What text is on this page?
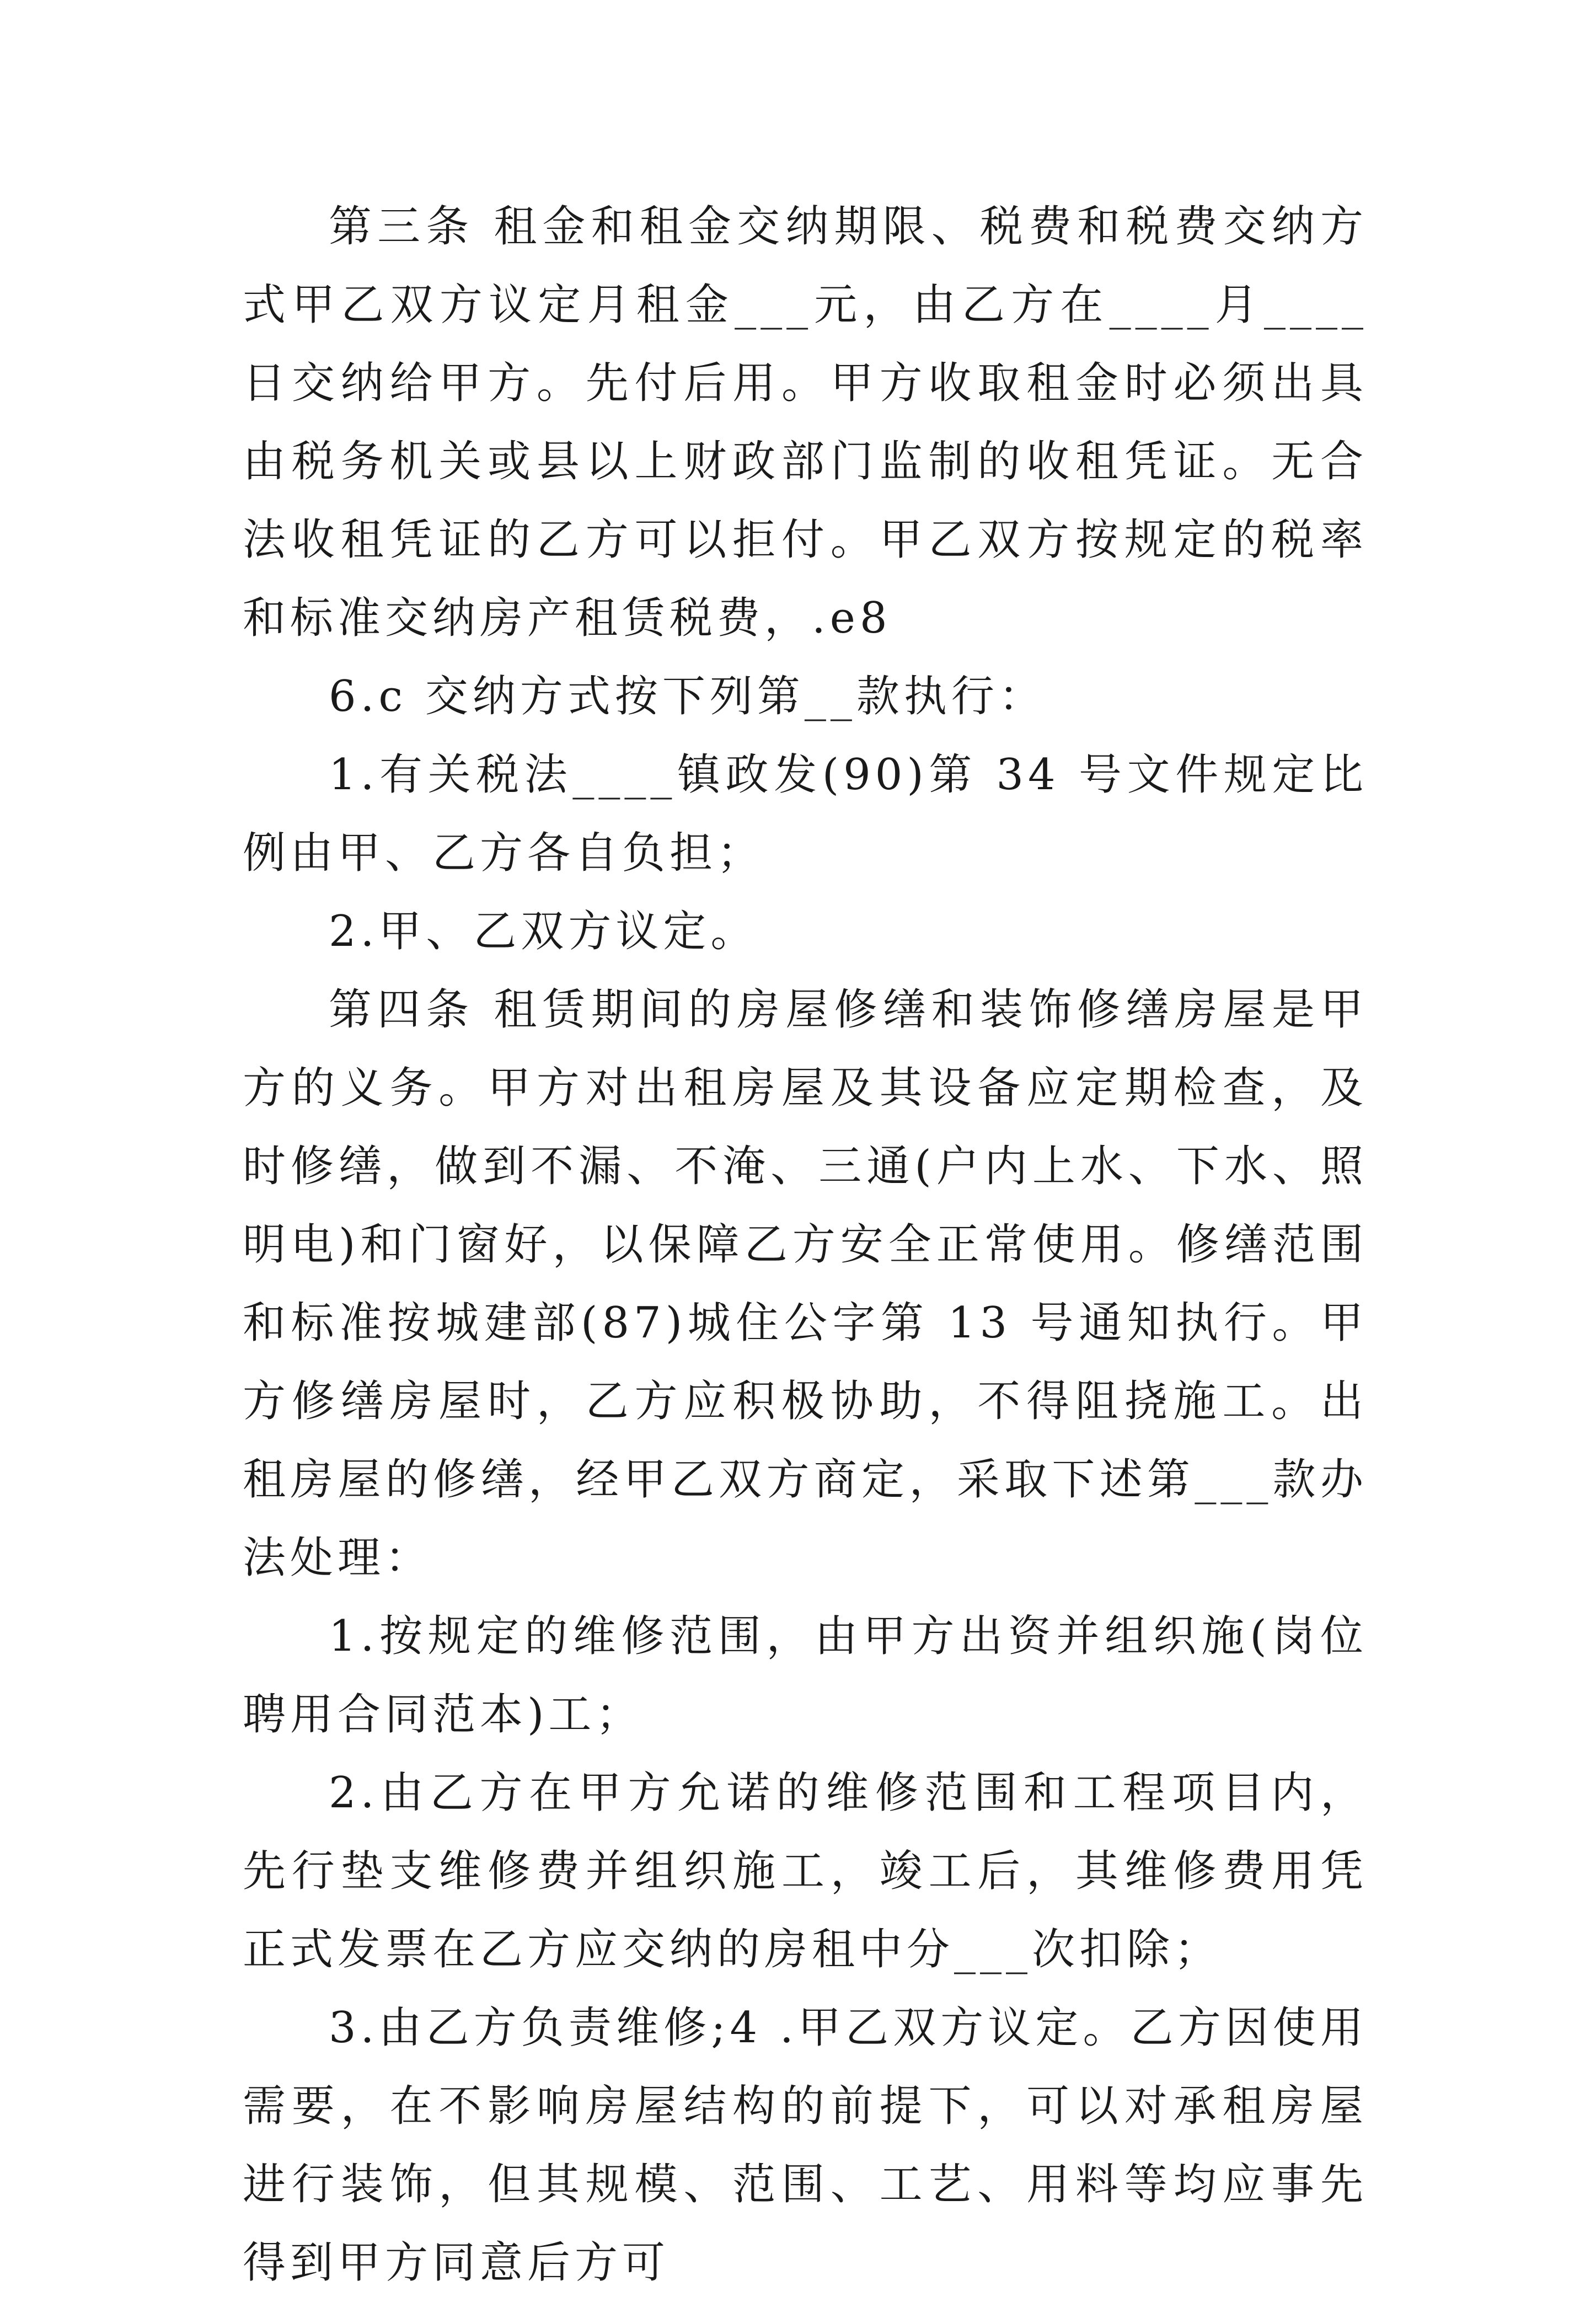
第三条 租金和租金交纳期限、税费和税费交纳方式甲乙双方议定月租金___元，由乙方在____月____日交纳给甲方。先付后用。甲方收取租金时必须出具由税务机关或县以上财政部门监制的收租凭证。无合法收租凭证的乙方可以拒付。甲乙双方按规定的税率和标准交纳房产租赁税费，.e8

6.c 交纳方式按下列第__款执行：

1.有关税法____镇政发(90)第 34 号文件规定比例由甲、乙方各自负担；

2.甲、乙双方议定。

第四条 租赁期间的房屋修缮和装饰修缮房屋是甲方的义务。甲方对出租房屋及其设备应定期检查，及时修缮，做到不漏、不淹、三通(户内上水、下水、照明电)和门窗好，以保障乙方安全正常使用。修缮范围和标准按城建部(87)城住公字第 13 号通知执行。甲方修缮房屋时，乙方应积极协助，不得阻挠施工。出租房屋的修缮，经甲乙双方商定，采取下述第___款办法处理：

1.按规定的维修范围，由甲方出资并组织施(岗位聘用合同范本)工；

2.由乙方在甲方允诺的维修范围和工程项目内，先行垫支维修费并组织施工，竣工后，其维修费用凭正式发票在乙方应交纳的房租中分___次扣除；

3.由乙方负责维修;4 .甲乙双方议定。乙方因使用需要，在不影响房屋结构的前提下，可以对承租房屋进行装饰，但其规模、范围、工艺、用料等均应事先得到甲方同意后方可
